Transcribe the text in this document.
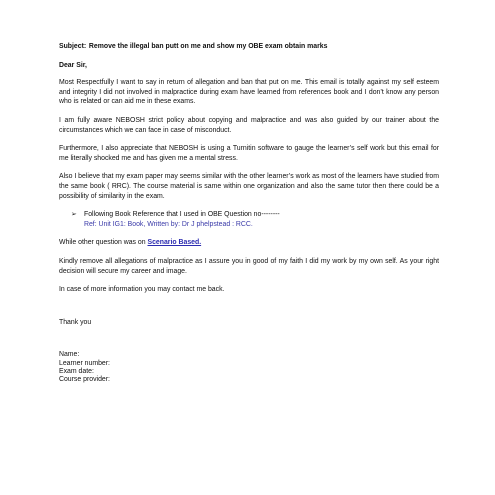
Subject: Remove the illegal ban putt on me and show my OBE exam obtain marks

Dear Sir,

Most Respectfully I want to say in return of allegation and ban that put on me. This email is totally against my self esteem and integrity I did not involved in malpractice during exam have learned from references book and I don’t know any person who is related or can aid me in these exams.

I am fully aware NEBOSH strict policy about copying and malpractice and was also guided by our trainer about the circumstances which we can face in case of misconduct.

Furthermore, I also appreciate that NEBOSH is using a Turnitin software to gauge the learner’s self work but this email for me literally shocked me and has given me a mental stress.

Also I believe that my exam paper may seems similar with the other learner’s work as most of the learners have studied from the same book ( RRC). The course material is same within one organization and also the same tutor then there could be a possibility of similarity in the exam.

➢	Following Book Reference that I used in OBE Question no--------
Ref: Unit IG1: Book, Written by: Dr J phelpstead : RCC.

While other question was on Scenario Based.

Kindly remove all allegations of malpractice as I assure you in good of my faith I did my work by my own self. As your right decision will secure my career and image.

In case of more information you may contact me back.

Thank you

Name:

Learner number:

Exam date:

Course provider:
